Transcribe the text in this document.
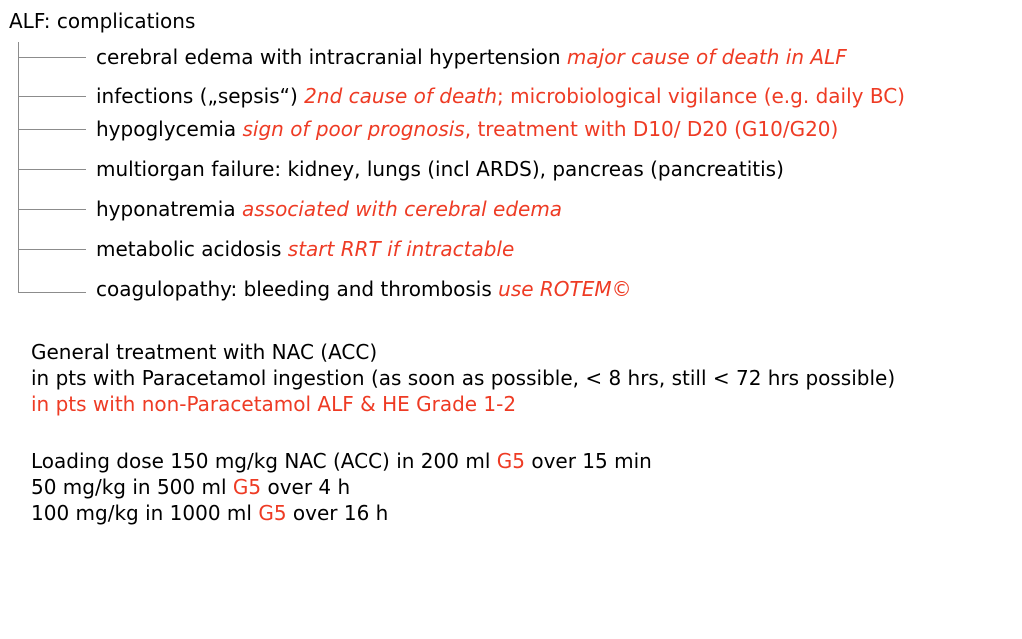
ALF: complications
cerebral edema with intracranial hypertension major cause of death in ALF
infections („sepsis“) 2nd cause of death; microbiological vigilance (e.g. daily BC)
hypoglycemia sign of poor prognosis, treatment with D10/ D20 (G10/G20)
multiorgan failure: kidney, lungs (incl ARDS), pancreas (pancreatitis)
hyponatremia associated with cerebral edema
metabolic acidosis start RRT if intractable
coagulopathy: bleeding and thrombosis use ROTEM©
General treatment with NAC (ACC)
in pts with Paracetamol ingestion (as soon as possible, < 8 hrs, still < 72 hrs possible)
in pts with non-Paracetamol ALF & HE Grade 1-2
Loading dose 150 mg/kg NAC (ACC) in 200 ml G5 over 15 min
50 mg/kg in 500 ml G5 over 4 h
100 mg/kg in 1000 ml G5 over 16 h
